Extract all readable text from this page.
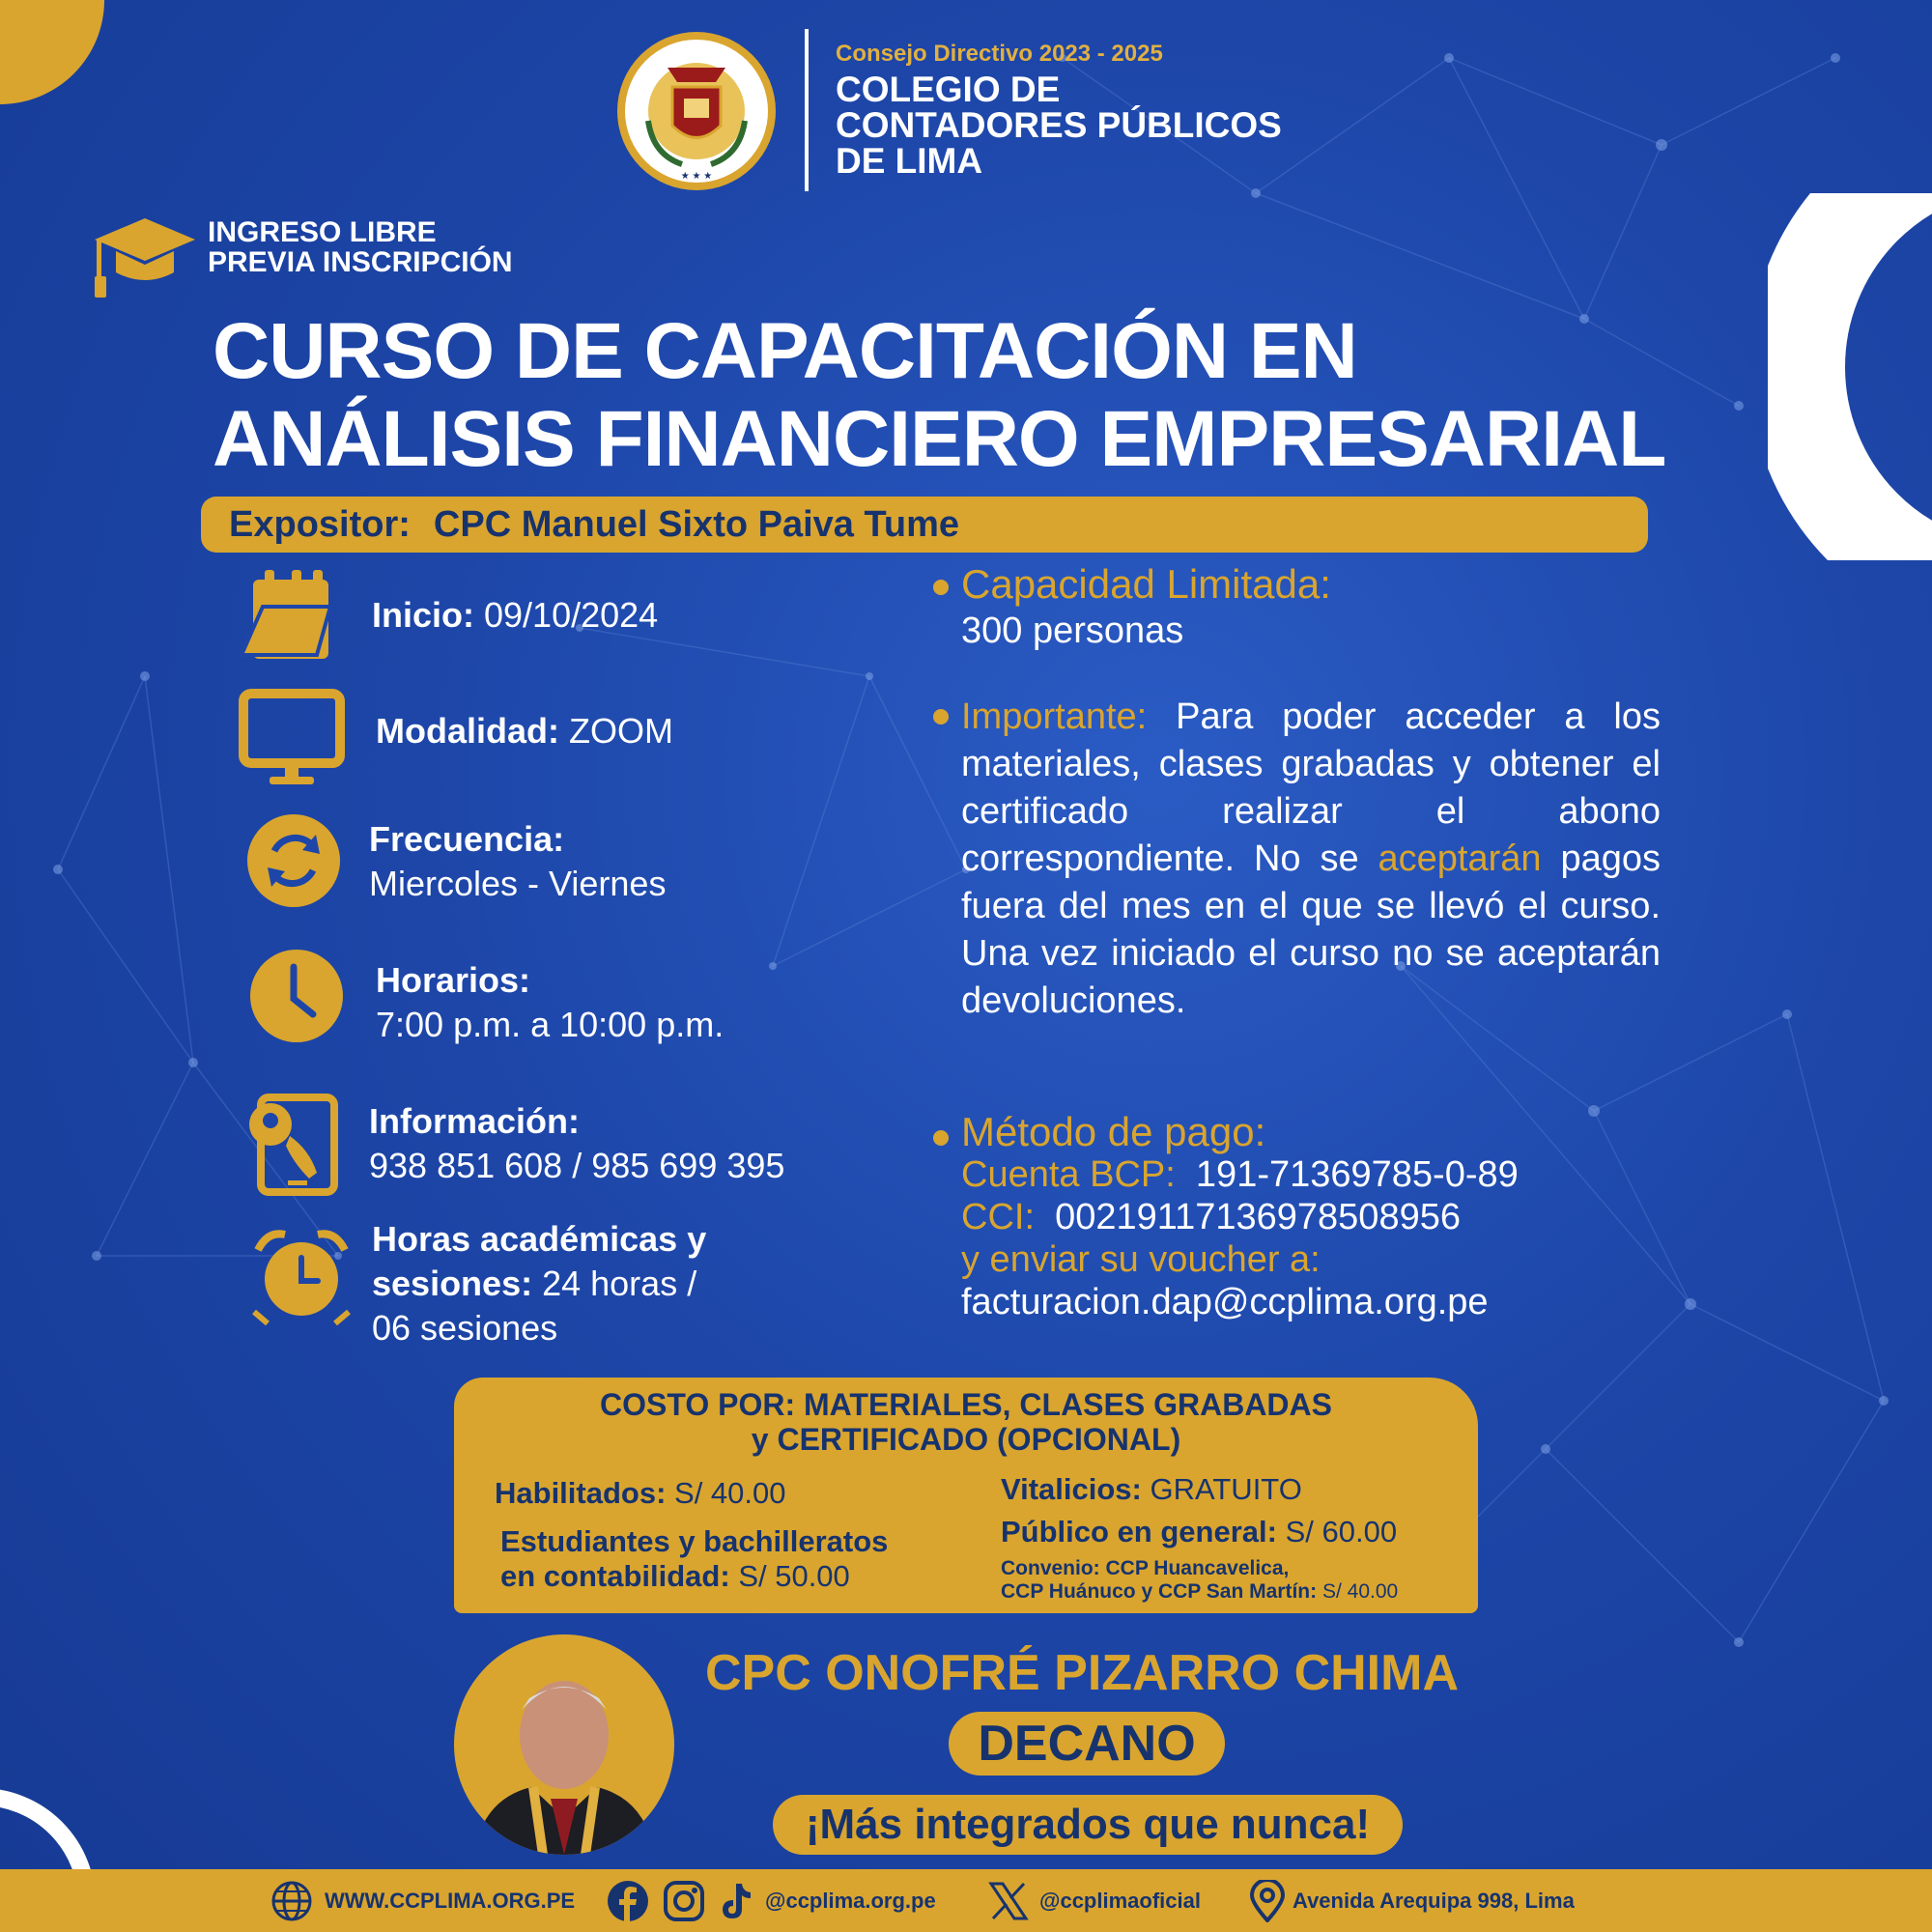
★ ★ ★
Consejo Directivo 2023 - 2025
COLEGIO DE
CONTADORES PÚBLICOS
DE LIMA
INGRESO LIBRE
PREVIA INSCRIPCIÓN
CURSO DE CAPACITACIÓN EN
ANÁLISIS FINANCIERO EMPRESARIAL
Expositor: CPC Manuel Sixto Paiva Tume
Inicio: 09/10/2024
Modalidad: ZOOM
Frecuencia:
Miercoles - Viernes
Horarios:
7:00 p.m. a 10:00 p.m.
Información:
938 851 608 / 985 699 395
Horas académicas y
sesiones: 24 horas /
06 sesiones
Capacidad Limitada:
300 personas
Importante: Para poder acceder a los materiales, clases grabadas y obtener el certificado realizar el abono correspondiente. No se aceptarán pagos fuera del mes en el que se llevó el curso. Una vez iniciado el curso no se aceptarán devoluciones.
Método de pago:
Cuenta BCP: 191-71369785-0-89
CCI: 00219117136978508956
y enviar su voucher a:
facturacion.dap@ccplima.org.pe
COSTO POR: MATERIALES, CLASES GRABADAS
y CERTIFICADO (OPCIONAL)
Habilitados: S/ 40.00
Estudiantes y bachilleratos
en contabilidad: S/ 50.00
Vitalicios: GRATUITO
Público en general: S/ 60.00
Convenio: CCP Huancavelica,
CCP Huánuco y CCP San Martín: S/ 40.00
CPC ONOFRÉ PIZARRO CHIMA
DECANO
¡Más integrados que nunca!
WWW.CCPLIMA.ORG.PE	@ccplima.org.pe	@ccplimaoficial	Avenida Arequipa 998, Lima
